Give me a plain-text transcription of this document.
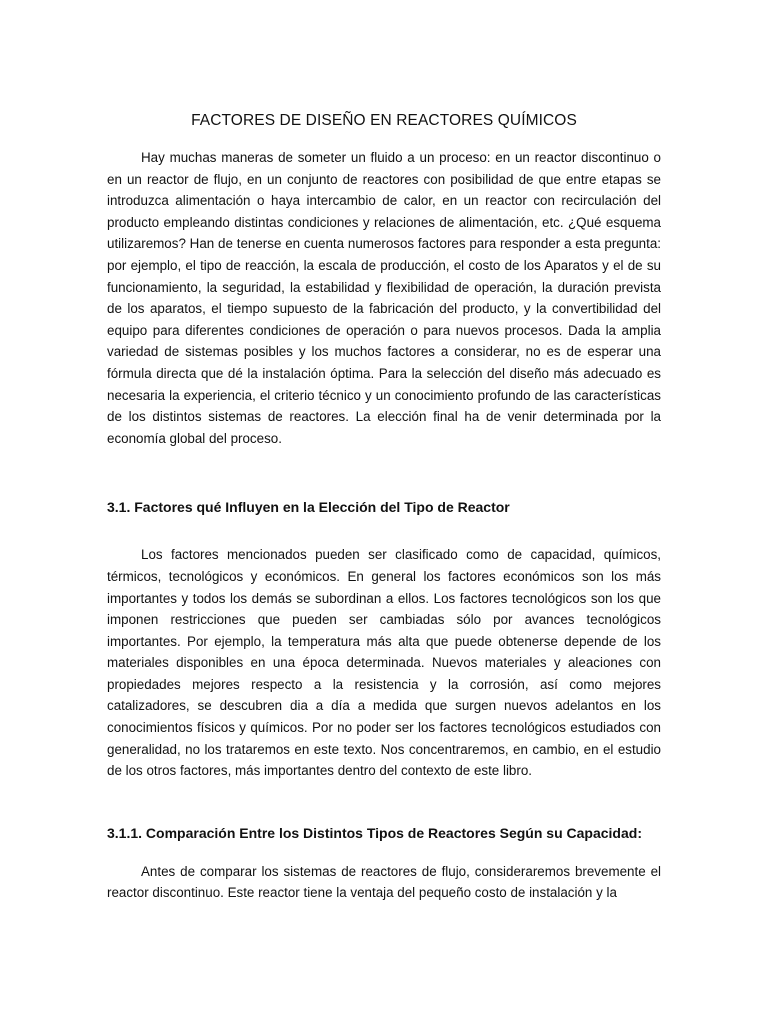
FACTORES DE DISEÑO EN REACTORES QUÍMICOS

Hay muchas maneras de someter un fluido a un proceso: en un reactor discontinuo o en un reactor de flujo, en un conjunto de reactores con posibilidad de que entre etapas se introduzca alimentación o haya intercambio de calor, en un reactor con recirculación del producto empleando distintas condiciones y relaciones de alimentación, etc. ¿Qué esquema utilizaremos? Han de tenerse en cuenta numerosos factores para responder a esta pregunta: por ejemplo, el tipo de reacción, la escala de producción, el costo de los Aparatos y el de su funcionamiento, la seguridad, la estabilidad y flexibilidad de operación, la duración prevista de los aparatos, el tiempo supuesto de la fabricación del producto, y la convertibilidad del equipo para diferentes condiciones de operación o para nuevos procesos. Dada la amplia variedad de sistemas posibles y los muchos factores a considerar, no es de esperar una fórmula directa que dé la instalación óptima. Para la selección del diseño más adecuado es necesaria la experiencia, el criterio técnico y un conocimiento profundo de las características de los distintos sistemas de reactores. La elección final ha de venir determinada por la economía global del proceso.

3.1. Factores qué Influyen en la Elección del Tipo de Reactor

Los factores mencionados pueden ser clasificado como de capacidad, químicos, térmicos, tecnológicos y económicos. En general los factores económicos son los más importantes y todos los demás se subordinan a ellos. Los factores tecnológicos son los que imponen restricciones que pueden ser cambiadas sólo por avances tecnológicos importantes. Por ejemplo, la temperatura más alta que puede obtenerse depende de los materiales disponibles en una época determinada. Nuevos materiales y aleaciones con propiedades mejores respecto a la resistencia y la corrosión, así como mejores catalizadores, se descubren dia a día a medida que surgen nuevos adelantos en los conocimientos físicos y químicos. Por no poder ser los factores tecnológicos estudiados con generalidad, no los trataremos en este texto. Nos concentraremos, en cambio, en el estudio de los otros factores, más importantes dentro del contexto de este libro.

3.1.1. Comparación Entre los Distintos Tipos de Reactores Según su Capacidad:

Antes de comparar los sistemas de reactores de flujo, consideraremos brevemente el reactor discontinuo. Este reactor tiene la ventaja del pequeño costo de instalación y la
